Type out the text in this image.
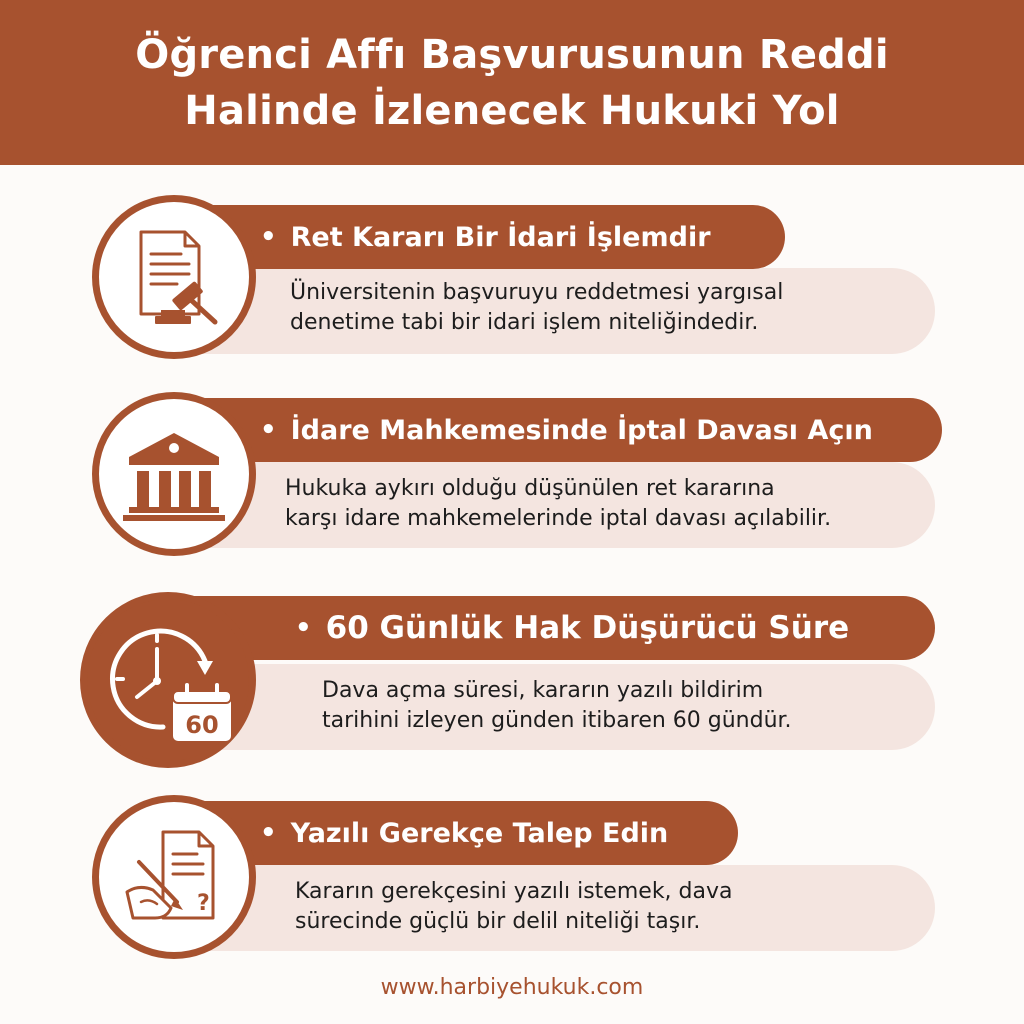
Öğrenci Affı Başvurusunun Reddi
Halinde İzlenecek Hukuki Yol
Üniversitenin başvuruyu reddetmesi yargısal
denetime tabi bir idari işlem niteliğindedir.
• Ret Kararı Bir İdari İşlemdir
Hukuka aykırı olduğu düşünülen ret kararına
karşı idare mahkemelerinde iptal davası açılabilir.
• İdare Mahkemesinde İptal Davası Açın
Dava açma süresi, kararın yazılı bildirim
tarihini izleyen günden itibaren 60 gündür.
• 60 Günlük Hak Düşürücü Süre
60
Kararın gerekçesini yazılı istemek, dava
sürecinde güçlü bir delil niteliği taşır.
• Yazılı Gerekçe Talep Edin
?
www.harbiyehukuk.com
